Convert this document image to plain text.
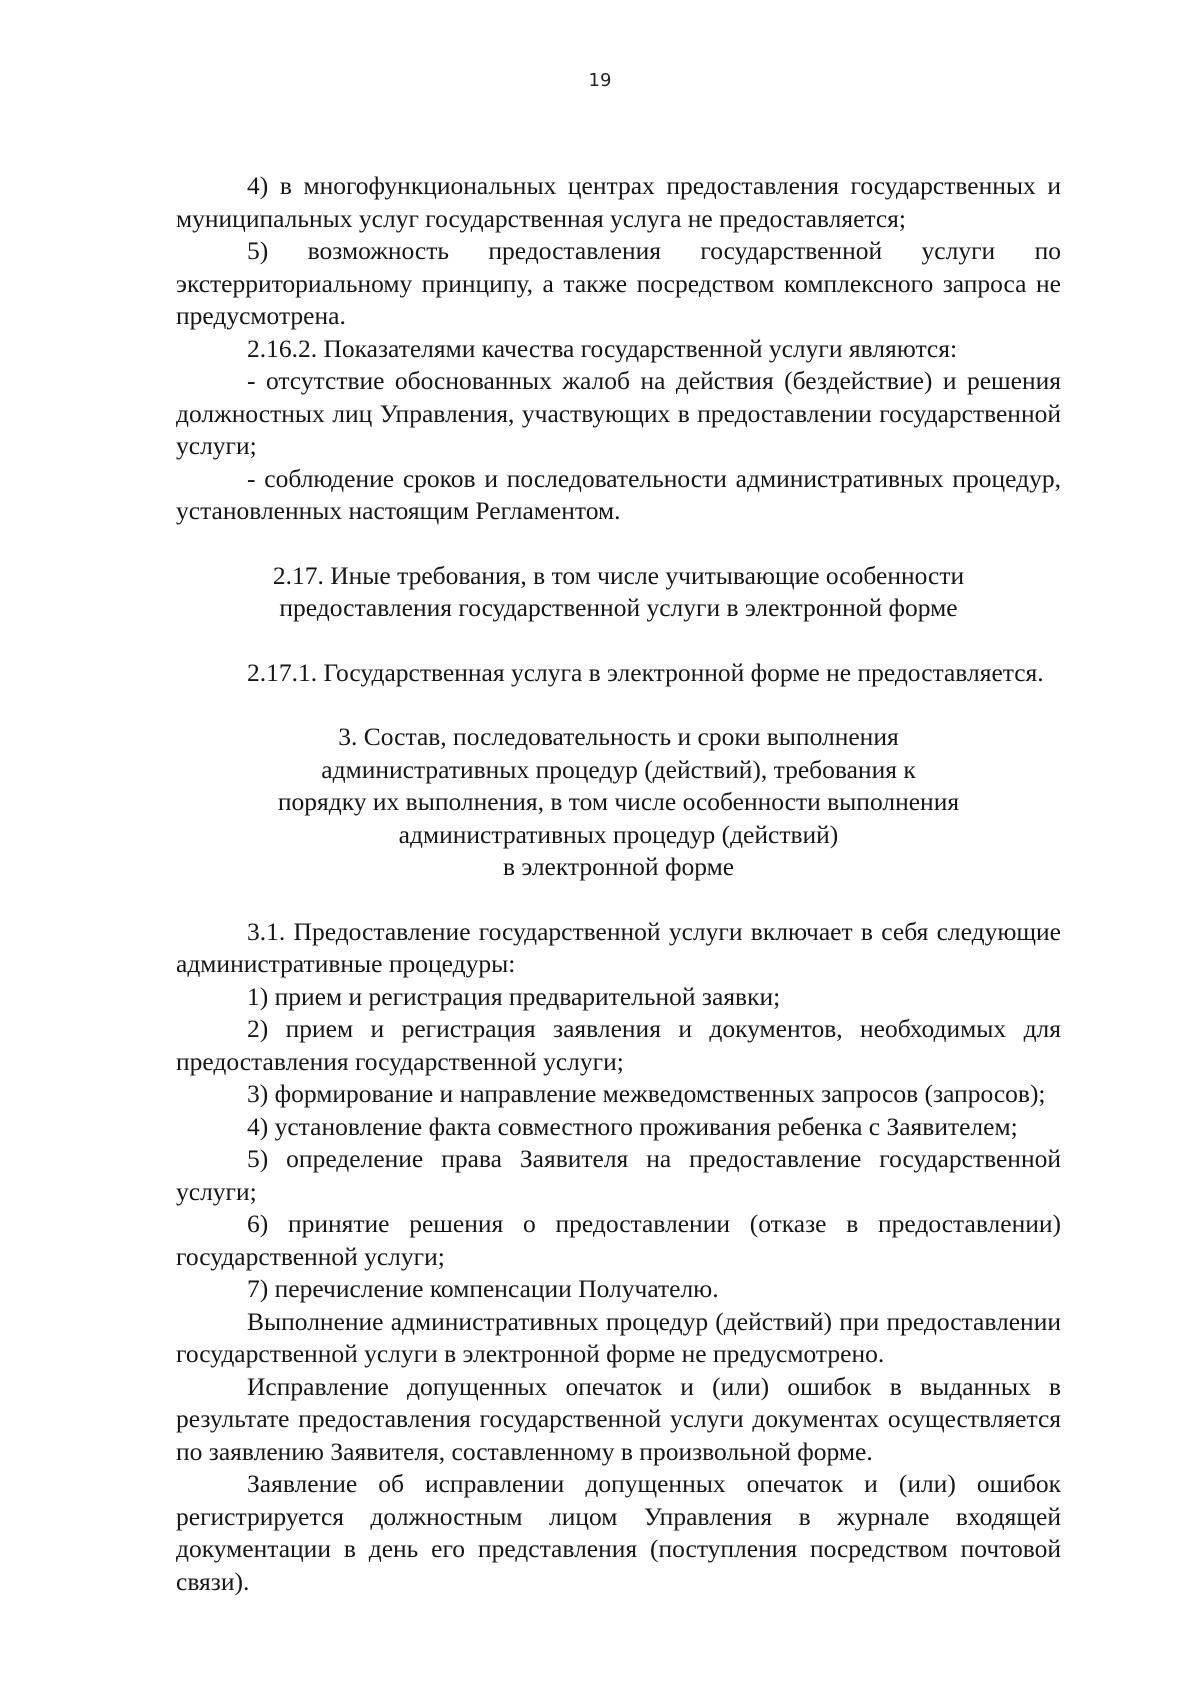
19

4) в многофункциональных центрах предоставления государственных и муниципальных услуг государственная услуга не предоставляется;

5) возможность предоставления государственной услуги по экстерриториальному принципу, а также посредством комплексного запроса не предусмотрена.

2.16.2. Показателями качества государственной услуги являются:

- отсутствие обоснованных жалоб на действия (бездействие) и решения должностных лиц Управления, участвующих в предоставлении государственной услуги;

- соблюдение сроков и последовательности административных процедур, установленных настоящим Регламентом.

2.17. Иные требования, в том числе учитывающие особенности
предоставления государственной услуги в электронной форме

2.17.1. Государственная услуга в электронной форме не предоставляется.

3. Состав, последовательность и сроки выполнения
административных процедур (действий), требования к
порядку их выполнения, в том числе особенности выполнения
административных процедур (действий)
в электронной форме

3.1. Предоставление государственной услуги включает в себя следующие административные процедуры:

1) прием и регистрация предварительной заявки;

2) прием и регистрация заявления и документов, необходимых для предоставления государственной услуги;

3) формирование и направление межведомственных запросов (запросов);

4) установление факта совместного проживания ребенка с Заявителем;

5) определение права Заявителя на предоставление государственной услуги;

6) принятие решения о предоставлении (отказе в предоставлении) государственной услуги;

7) перечисление компенсации Получателю.

Выполнение административных процедур (действий) при предоставлении государственной услуги в электронной форме не предусмотрено.

Исправление допущенных опечаток и (или) ошибок в выданных в результате предоставления государственной услуги документах осуществляется по заявлению Заявителя, составленному в произвольной форме.

Заявление об исправлении допущенных опечаток и (или) ошибок регистрируется должностным лицом Управления в журнале входящей документации в день его представления (поступления посредством почтовой связи).
